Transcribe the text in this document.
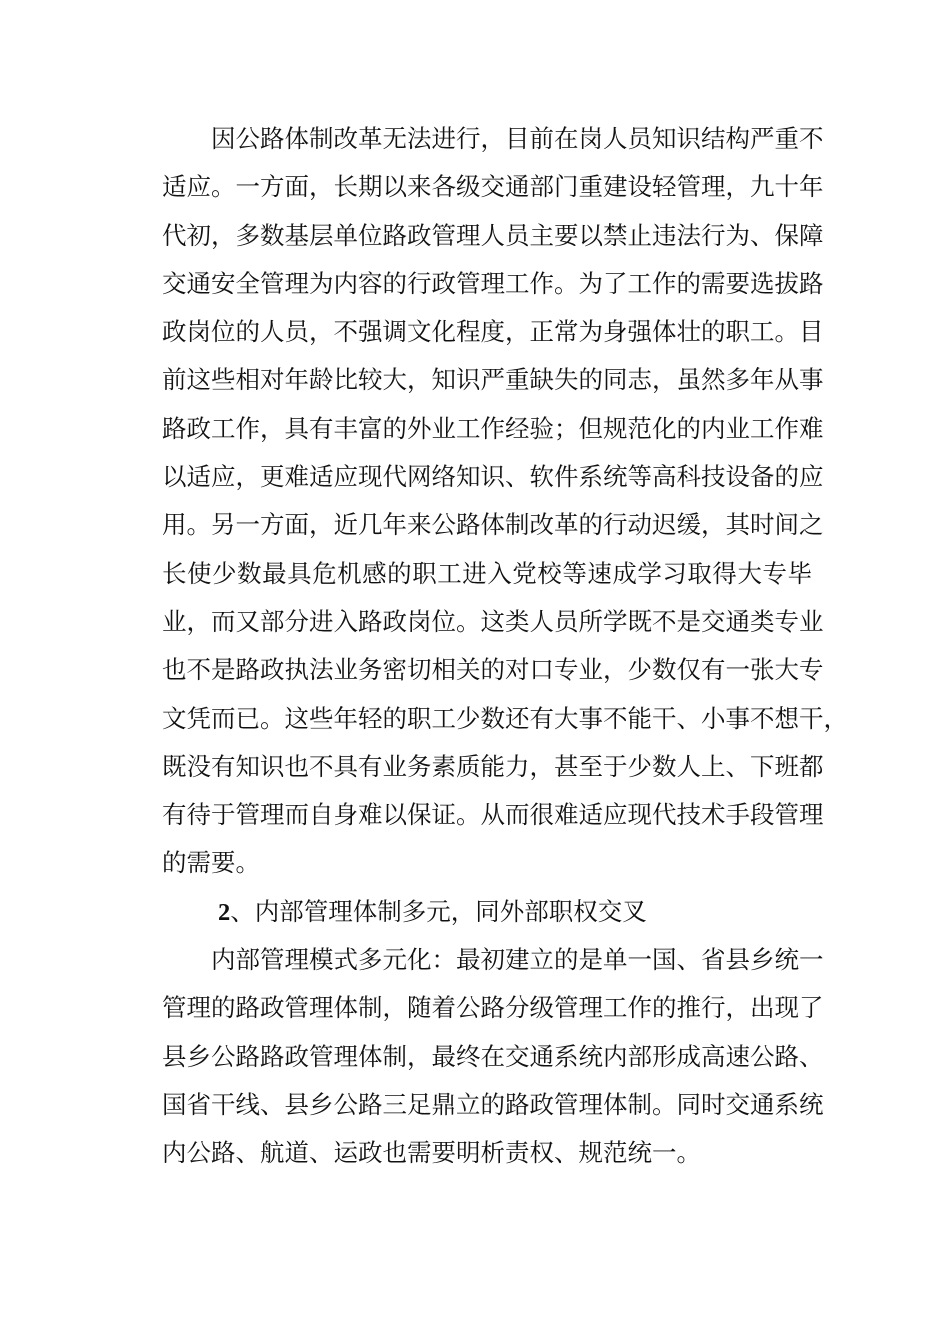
因公路体制改革无法进行，目前在岗人员知识结构严重不
适应。一方面，长期以来各级交通部门重建设轻管理，九十年
代初，多数基层单位路政管理人员主要以禁止违法行为、保障
交通安全管理为内容的行政管理工作。为了工作的需要选拔路
政岗位的人员，不强调文化程度，正常为身强体壮的职工。目
前这些相对年龄比较大，知识严重缺失的同志，虽然多年从事
路政工作，具有丰富的外业工作经验；但规范化的内业工作难
以适应，更难适应现代网络知识、软件系统等高科技设备的应
用。另一方面，近几年来公路体制改革的行动迟缓，其时间之
长使少数最具危机感的职工进入党校等速成学习取得大专毕
业，而又部分进入路政岗位。这类人员所学既不是交通类专业
也不是路政执法业务密切相关的对口专业，少数仅有一张大专
文凭而已。这些年轻的职工少数还有大事不能干、小事不想干，
既没有知识也不具有业务素质能力，甚至于少数人上、下班都
有待于管理而自身难以保证。从而很难适应现代技术手段管理
的需要。
2、内部管理体制多元，同外部职权交叉
内部管理模式多元化：最初建立的是单一国、省县乡统一
管理的路政管理体制，随着公路分级管理工作的推行，出现了
县乡公路路政管理体制，最终在交通系统内部形成高速公路、
国省干线、县乡公路三足鼎立的路政管理体制。同时交通系统
内公路、航道、运政也需要明析责权、规范统一。
